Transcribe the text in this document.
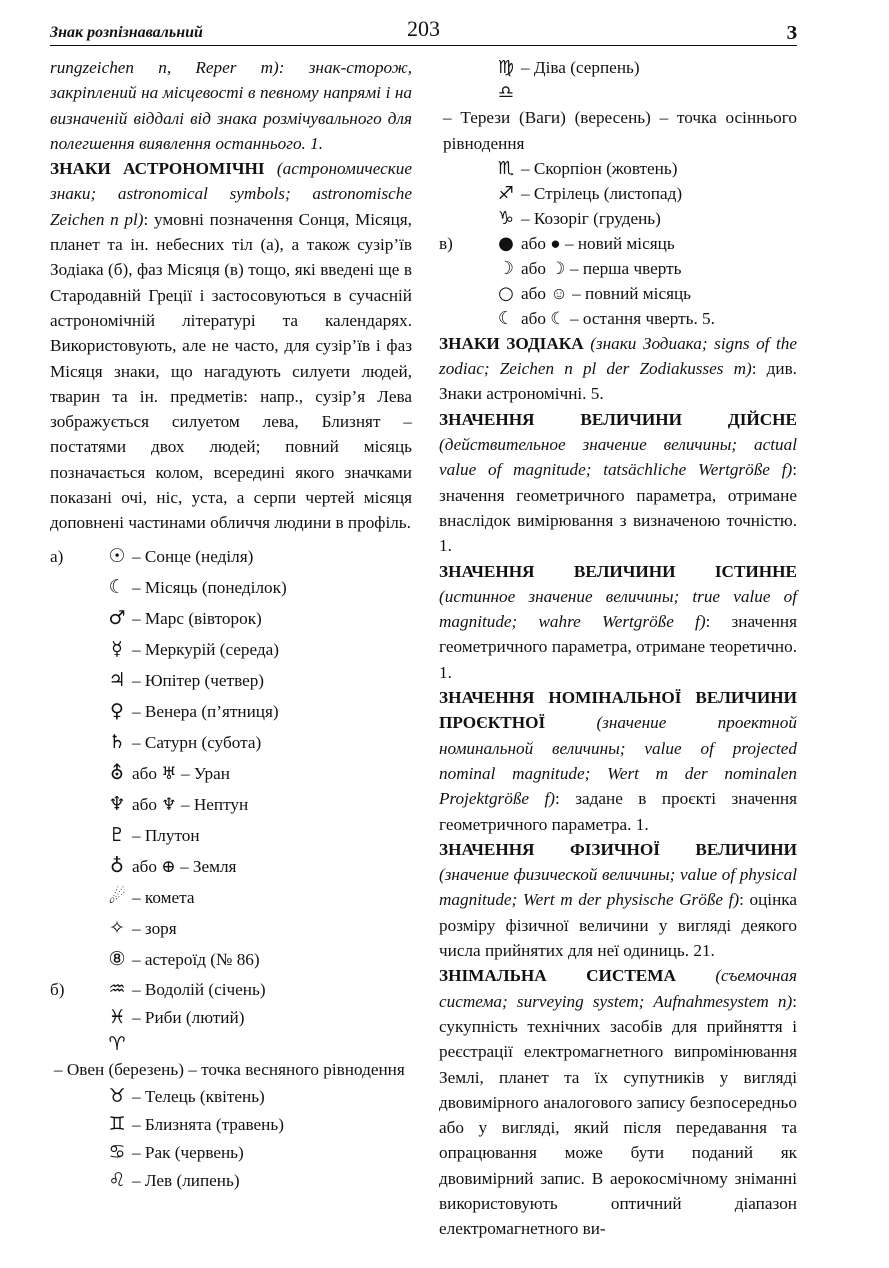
Знак розпізнавальний	203	З

rungzeichen n, Reper m): знак-сторож, закріплений на місцевості в певному напрямі і на визначеній віддалі від знака розмічувального для полегшення виявлення останнього. 1.

ЗНАКИ АСТРОНОМІЧНІ (астрономические знаки; astronomical symbols; astronomische Zeichen n pl): умовні позначення Сонця, Місяця, планет та ін. небесних тіл (а), а також сузір’їв Зодіака (б), фаз Місяця (в) тощо, які введені ще в Стародавній Греції і застосовуються в сучасній астрономічній літературі та календарях. Використовують, але не часто, для сузір’їв і фаз Місяця знаки, що нагадують силуети людей, тварин та ін. предметів: напр., сузір’я Лева зображується силуетом лева, Близнят – постатями двох людей; повний місяць позначається колом, всередині якого значками показані очі, ніс, уста, а серпи чертей місяця доповнені частинами обличчя людини в профіль.

а)	☉ – Сонце (неділя)
☾ – Місяць (понеділок)
♂ – Марс (вівторок)
☿ – Меркурій (середа)
♃ – Юпітер (четвер)
♀ – Венера (п’ятниця)
♄ – Сатурн (субота)
⛢ або ♅ – Уран
♆ або ♆ – Нептун
♇ – Плутон
♁ або ⊕ – Земля
☄ – комета
✧ – зоря
⑧ – астероїд (№ 86)
б)	♒ – Водолій (січень)
♓ – Риби (лютий)
♈
– Овен (березень) – точка весняного рівнодення
♉ – Телець (квітень)
♊ – Близнята (травень)
♋ – Рак (червень)
♌ – Лев (липень)
♍ – Діва (серпень)
♎
– Терези (Ваги) (вересень) – точка осіннього рівнодення
♏ – Скорпіон (жовтень)
♐ – Стрілець (листопад)
♑ – Козоріг (грудень)
в)	● або ● – новий місяць
☽ або ☽ – перша чверть
○ або ☺ – повний місяць
☾ або ☾ – остання чверть. 5.

ЗНАКИ ЗОДІАКА (знаки Зодиака; signs of the zodiac; Zeichen n pl der Zodiakusses m): див. Знаки астрономічні. 5.

ЗНАЧЕННЯ ВЕЛИЧИНИ ДІЙСНЕ (действительное значение величины; actual value of magnitude; tatsächliche Wertgröße f): значення геометричного параметра, отримане внаслідок вимірювання з визначеною точністю. 1.

ЗНАЧЕННЯ ВЕЛИЧИНИ ІСТИННЕ (истинное значение величины; true value of magnitude; wahre Wertgröße f): значення геометричного параметра, отримане теоретично. 1.

ЗНАЧЕННЯ НОМІНАЛЬНОЇ ВЕЛИЧИНИ ПРОЄКТНОЇ (значение проектной номинальной величины; value of projected nominal magnitude; Wert m der nominalen Projektgröße f): задане в проєкті значення геометричного параметра. 1.

ЗНАЧЕННЯ ФІЗИЧНОЇ ВЕЛИЧИНИ (значение физической величины; value of physical magnitude; Wert m der physische Größe f): оцінка розміру фізичної величини у вигляді деякого числа прийнятих для неї одиниць. 21.

ЗНІМАЛЬНА СИСТЕМА (съемочная система; surveying system; Aufnahmesystem n): сукупність технічних засобів для прийняття і реєстрації електромагнетного випромінювання Землі, планет та їх супутників у вигляді двовимірного аналогового запису безпосередньо або у вигляді, який після передавання та опрацювання може бути поданий як двовимірний запис. В аерокосмічному зніманні використовують оптичний діапазон електромагнетного ви-
